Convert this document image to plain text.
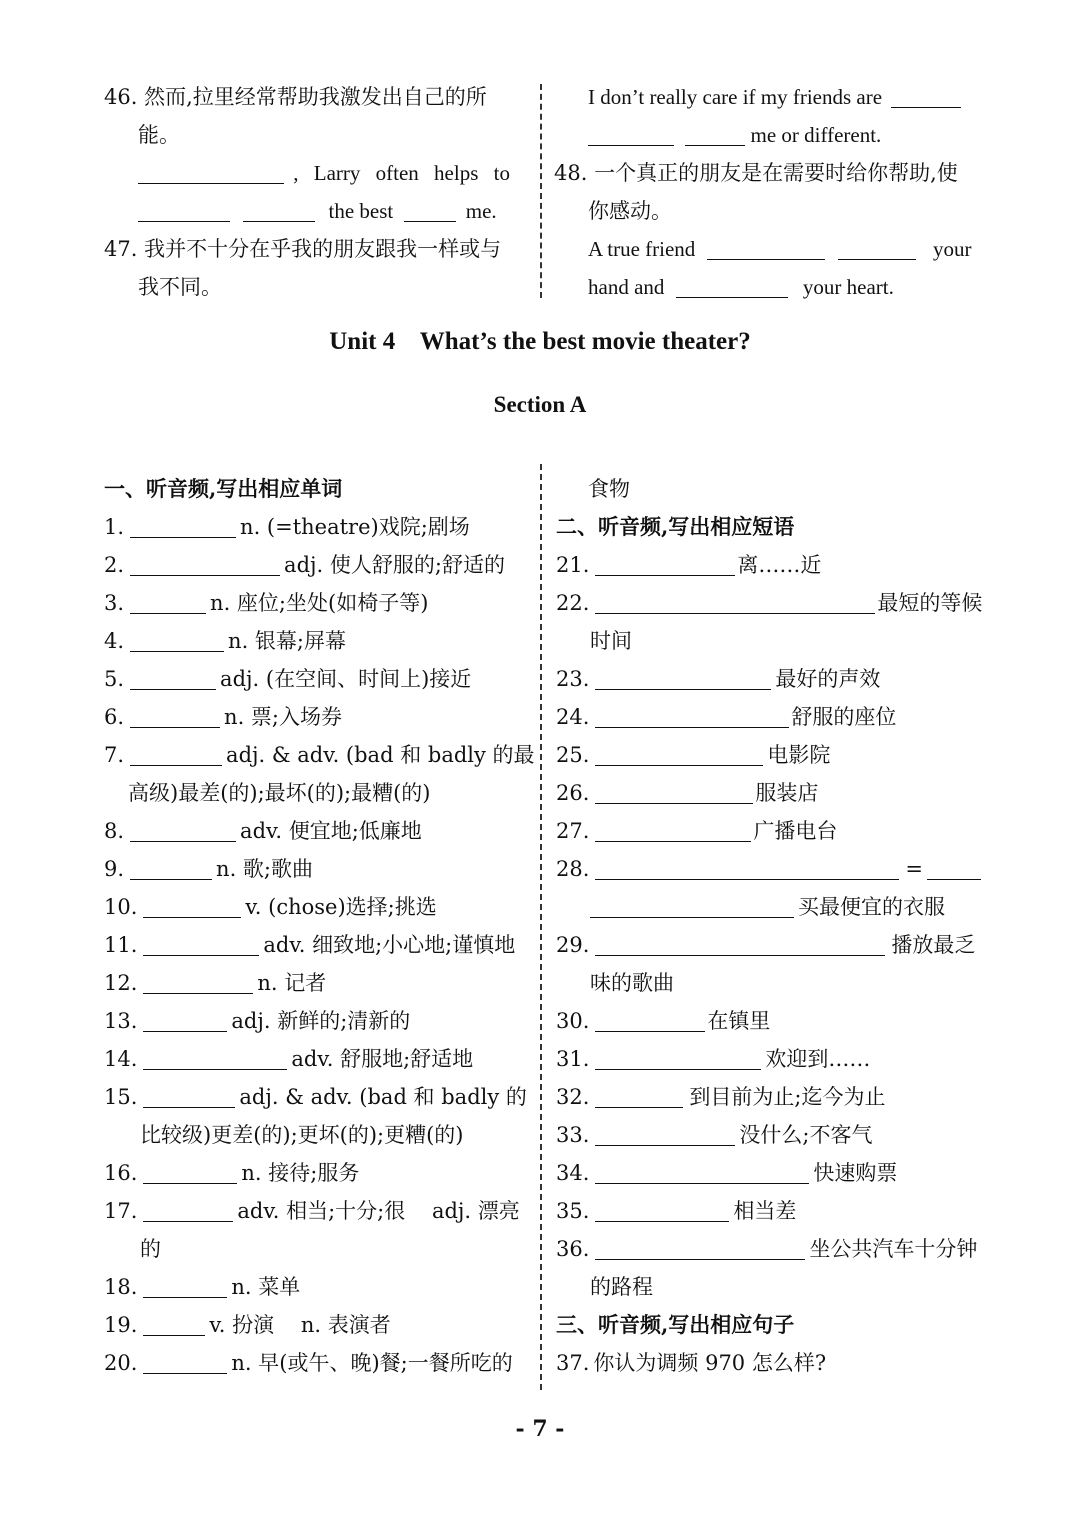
46. 然而,拉里经常帮助我激发出自己的所
能。
, Larry often helps to
the best	me.
47. 我并不十分在乎我的朋友跟我一样或与
我不同。
I don’t really care if my friends are
me or different.
48. 一个真正的朋友是在需要时给你帮助,使
你感动。
A true friend	your
hand and	your heart.
Unit 4    What’s the best movie theater?
Section A
一、听音频,写出相应单词
1.	n. (=theatre)戏院;剧场
2.	adj. 使人舒服的;舒适的
3.	n. 座位;坐处(如椅子等)
4.	n. 银幕;屏幕
5.	adj. (在空间、时间上)接近
6.	n. 票;入场券
7.	adj. & adv. (bad 和 badly 的最
高级)最差(的);最坏(的);最糟(的)
8.	adv. 便宜地;低廉地
9.	n. 歌;歌曲
10.	v. (chose)选择;挑选
11.	adv. 细致地;小心地;谨慎地
12.	n. 记者
13.	adj. 新鲜的;清新的
14.	adv. 舒服地;舒适地
15.	adj. & adv. (bad 和 badly 的
比较级)更差(的);更坏(的);更糟(的)
16.	n. 接待;服务
17.	adv. 相当;十分;很    adj. 漂亮
的
18.	n. 菜单
19.	v. 扮演    n. 表演者
20.	n. 早(或午、晚)餐;一餐所吃的
食物
二、听音频,写出相应短语
21.	离……近
22.	最短的等候
时间
23.	最好的声效
24.	舒服的座位
25.	电影院
26.	服装店
27.	广播电台
28.	=
买最便宜的衣服
29.	播放最乏
味的歌曲
30.	在镇里
31.	欢迎到……
32.	到目前为止;迄今为止
33.	没什么;不客气
34.	快速购票
35.	相当差
36.	坐公共汽车十分钟
的路程
三、听音频,写出相应句子
37. 你认为调频 970 怎么样?
- 7 -
